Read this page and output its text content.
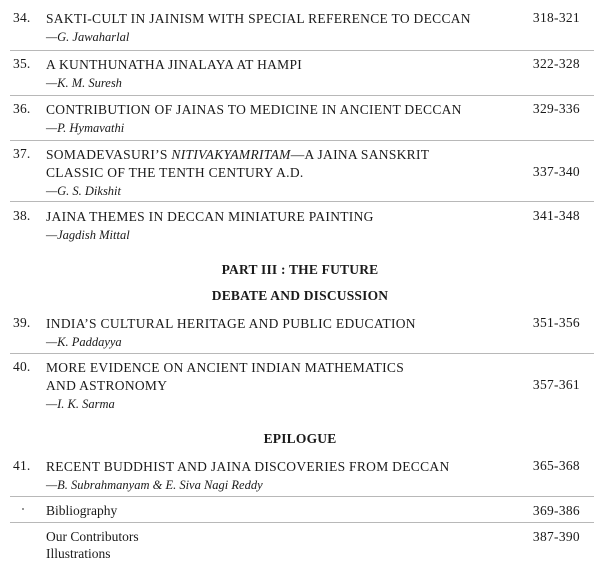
34. SAKTI-CULT IN JAINISM WITH SPECIAL REFERENCE TO DECCAN	318-321
—G. Jawaharlal
35. A KUNTHUNATHA JINALAYA AT HAMPI	322-328
—K. M. Suresh
36. CONTRIBUTION OF JAINAS TO MEDICINE IN ANCIENT DECCAN	329-336
—P. Hymavathi
37. SOMADEVASURI’S NITIVAKYAMRITAM—A JAINA SANSKRIT
CLASSIC OF THE TENTH CENTURY A.D.	337-340
—G. S. Dikshit
38. JAINA THEMES IN DECCAN MINIATURE PAINTING	341-348
—Jagdish Mittal
PART III : THE FUTURE
DEBATE AND DISCUSSION
39. INDIA’S CULTURAL HERITAGE AND PUBLIC EDUCATION	351-356
—K. Paddayya
40. MORE EVIDENCE ON ANCIENT INDIAN MATHEMATICS
AND ASTRONOMY	357-361
—I. K. Sarma
EPILOGUE
41. RECENT BUDDHIST AND JAINA DISCOVERIES FROM DECCAN	365-368
—B. Subrahmanyam & E. Siva Nagi Reddy
Bibliography	369-386
Our Contributors	387-390
Illustrations
